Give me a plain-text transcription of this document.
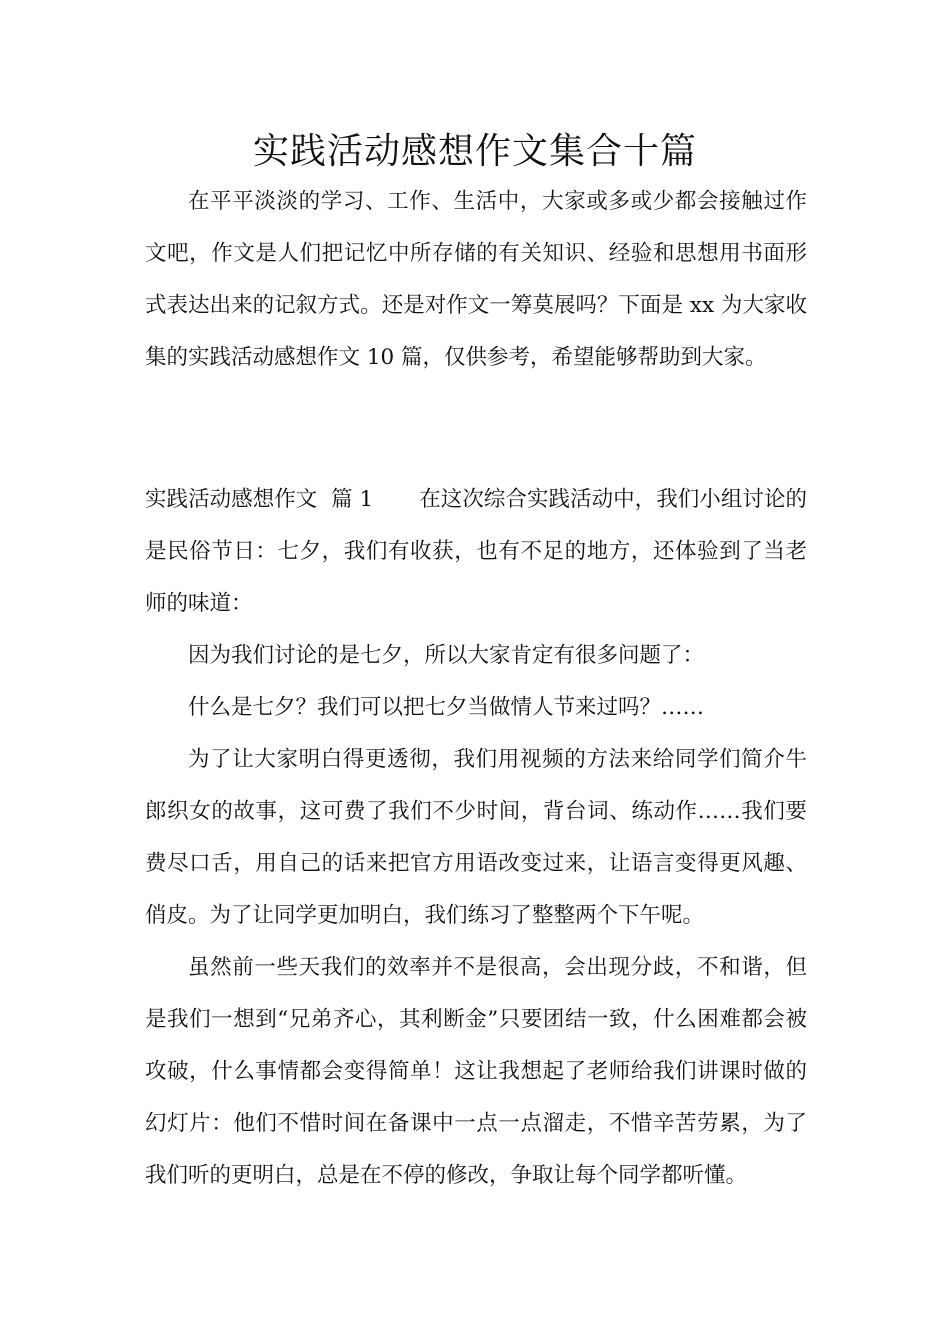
实践活动感想作文集合十篇

在平平淡淡的学习、工作、生活中，大家或多或少都会接触过作文吧，作文是人们把记忆中所存储的有关知识、经验和思想用书面形式表达出来的记叙方式。还是对作文一筹莫展吗？下面是 xx 为大家收集的实践活动感想作文 10 篇，仅供参考，希望能够帮助到大家。

实践活动感想作文  篇 1 在这次综合实践活动中，我们小组讨论的是民俗节日：七夕，我们有收获，也有不足的地方，还体验到了当老师的味道：

因为我们讨论的是七夕，所以大家肯定有很多问题了：

什么是七夕？我们可以把七夕当做情人节来过吗？……

为了让大家明白得更透彻，我们用视频的方法来给同学们简介牛郎织女的故事，这可费了我们不少时间，背台词、练动作……我们要费尽口舌，用自己的话来把官方用语改变过来，让语言变得更风趣、俏皮。为了让同学更加明白，我们练习了整整两个下午呢。

虽然前一些天我们的效率并不是很高，会出现分歧，不和谐，但是我们一想到“兄弟齐心，其利断金”只要团结一致，什么困难都会被攻破，什么事情都会变得简单！这让我想起了老师给我们讲课时做的幻灯片：他们不惜时间在备课中一点一点溜走，不惜辛苦劳累，为了我们听的更明白，总是在不停的修改，争取让每个同学都听懂。
